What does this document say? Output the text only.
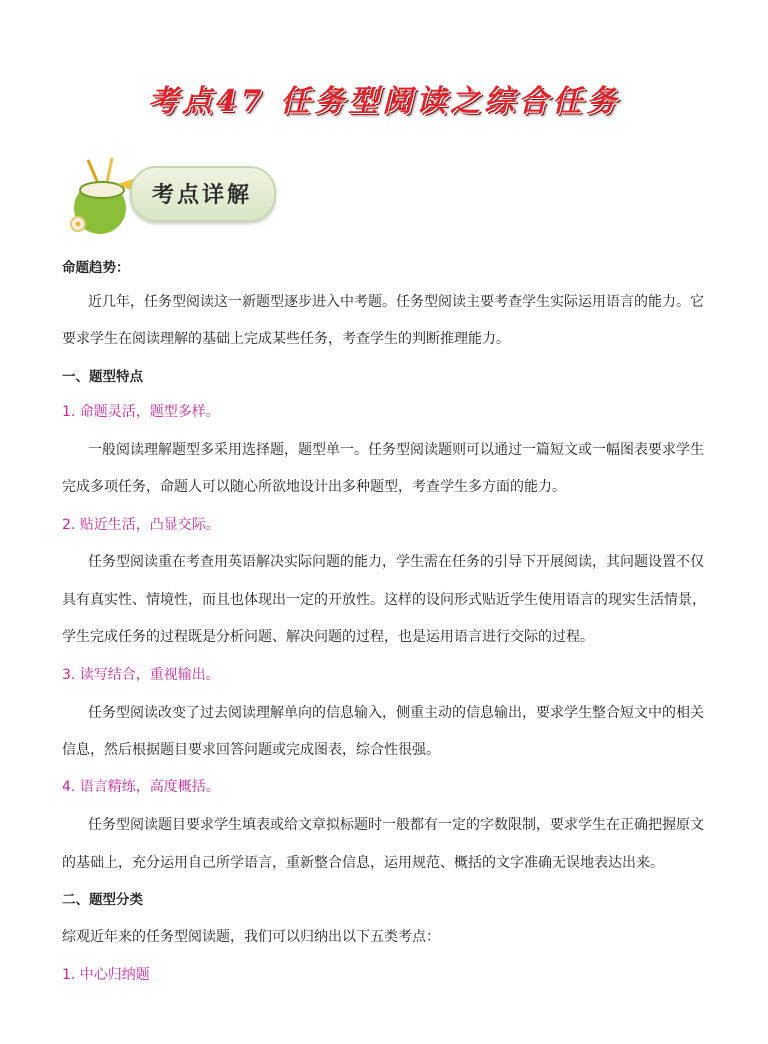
考点47 任务型阅读之综合任务
考点详解
命题趋势：
近几年，任务型阅读这一新题型逐步进入中考题。任务型阅读主要考查学生实际运用语言的能力。它
要求学生在阅读理解的基础上完成某些任务，考查学生的判断推理能力。
一、题型特点
1. 命题灵活，题型多样。
一般阅读理解题型多采用选择题，题型单一。任务型阅读题则可以通过一篇短文或一幅图表要求学生
完成多项任务，命题人可以随心所欲地设计出多种题型，考查学生多方面的能力。
2. 贴近生活，凸显交际。
任务型阅读重在考查用英语解决实际问题的能力，学生需在任务的引导下开展阅读，其问题设置不仅
具有真实性、情境性，而且也体现出一定的开放性。这样的设问形式贴近学生使用语言的现实生活情景，
学生完成任务的过程既是分析问题、解决问题的过程，也是运用语言进行交际的过程。
3. 读写结合，重视输出。
任务型阅读改变了过去阅读理解单向的信息输入，侧重主动的信息输出，要求学生整合短文中的相关
信息，然后根据题目要求回答问题或完成图表，综合性很强。
4. 语言精练，高度概括。
任务型阅读题目要求学生填表或给文章拟标题时一般都有一定的字数限制，要求学生在正确把握原文
的基础上，充分运用自己所学语言，重新整合信息，运用规范、概括的文字准确无误地表达出来。
二、题型分类
综观近年来的任务型阅读题，我们可以归纳出以下五类考点：
1. 中心归纳题
